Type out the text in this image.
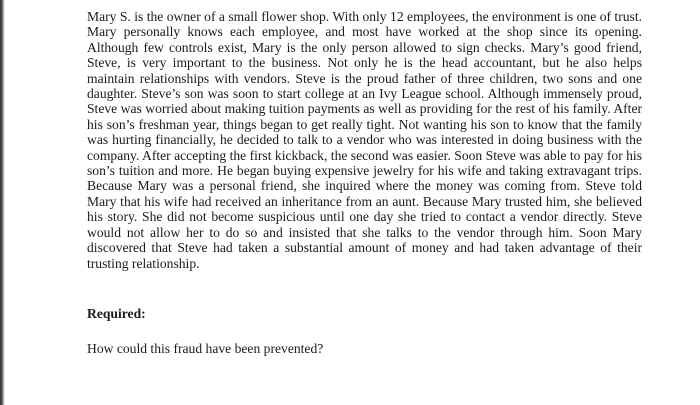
Mary S. is the owner of a small flower shop. With only 12 employees, the environment is one of trust. Mary personally knows each employee, and most have worked at the shop since its opening. Although few controls exist, Mary is the only person allowed to sign checks. Mary’s good friend, Steve, is very important to the business. Not only he is the head accountant, but he also helps maintain relationships with vendors. Steve is the proud father of three children, two sons and one daughter. Steve’s son was soon to start college at an Ivy League school. Although immensely proud, Steve was worried about making tuition payments as well as providing for the rest of his family. After his son’s freshman year, things began to get really tight. Not wanting his son to know that the family was hurting financially, he decided to talk to a vendor who was interested in doing business with the company. After accepting the first kickback, the second was easier. Soon Steve was able to pay for his son’s tuition and more. He began buying expensive jewelry for his wife and taking extravagant trips. Because Mary was a personal friend, she inquired where the money was coming from. Steve told Mary that his wife had received an inheritance from an aunt. Because Mary trusted him, she believed his story. She did not become suspicious until one day she tried to contact a vendor directly. Steve would not allow her to do so and insisted that she talks to the vendor through him. Soon Mary discovered that Steve had taken a substantial amount of money and had taken advantage of their trusting relationship.

Required:

How could this fraud have been prevented?
